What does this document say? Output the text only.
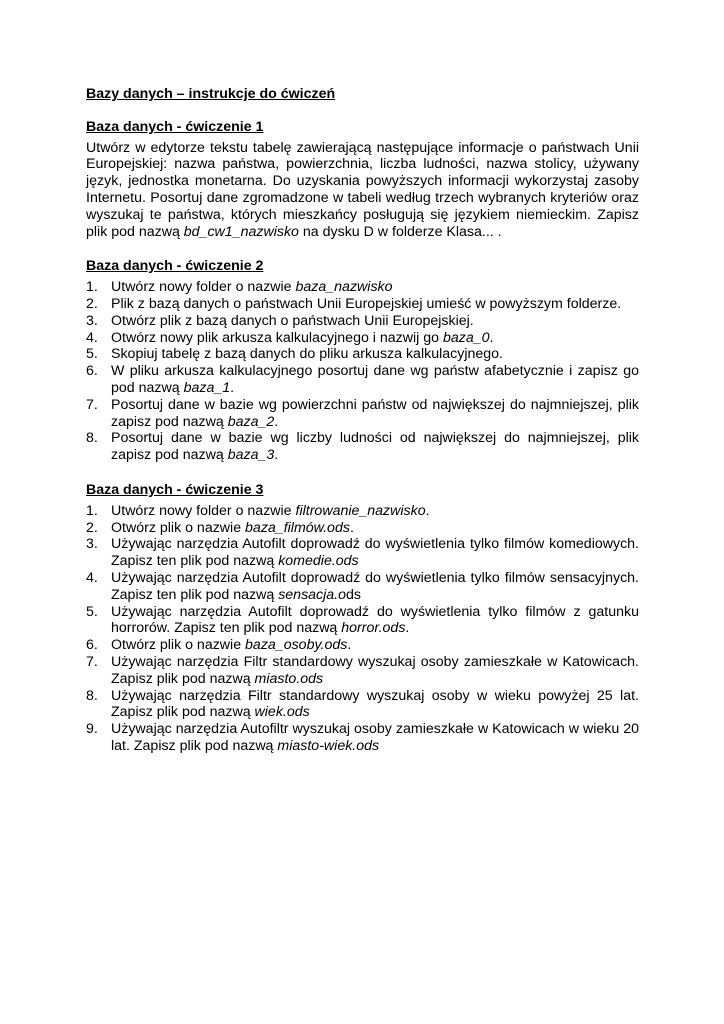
Bazy danych – instrukcje do ćwiczeń
Baza danych - ćwiczenie 1

Utwórz w edytorze tekstu tabelę zawierającą następujące informacje o państwach Unii Europejskiej: nazwa państwa, powierzchnia, liczba ludności, nazwa stolicy, używany język, jednostka monetarna. Do uzyskania powyższych informacji wykorzystaj zasoby Internetu. Posortuj dane zgromadzone w tabeli według trzech wybranych kryteriów oraz wyszukaj te państwa, których mieszkańcy posługują się językiem niemieckim. Zapisz plik pod nazwą bd_cw1_nazwisko na dysku D w folderze Klasa... .

Baza danych - ćwiczenie 2
1. Utwórz nowy folder o nazwie baza_nazwisko
2. Plik z bazą danych o państwach Unii Europejskiej umieść w powyższym folderze.
3. Otwórz plik z bazą danych o państwach Unii Europejskiej.
4. Otwórz nowy plik arkusza kalkulacyjnego i nazwij go baza_0.
5. Skopiuj tabelę z bazą danych do pliku arkusza kalkulacyjnego.
6. W pliku arkusza kalkulacyjnego posortuj dane wg państw afabetycznie i zapisz go pod nazwą baza_1.
7. Posortuj dane w bazie wg powierzchni państw od największej do najmniejszej, plik zapisz pod nazwą baza_2.
8. Posortuj dane w bazie wg liczby ludności od największej do najmniejszej, plik zapisz pod nazwą baza_3.
Baza danych - ćwiczenie 3
1. Utwórz nowy folder o nazwie filtrowanie_nazwisko.
2. Otwórz plik o nazwie baza_filmów.ods.
3. Używając narzędzia Autofilt doprowadź do wyświetlenia tylko filmów komediowych. Zapisz ten plik pod nazwą komedie.ods
4. Używając narzędzia Autofilt doprowadź do wyświetlenia tylko filmów sensacyjnych. Zapisz ten plik pod nazwą sensacja.ods
5. Używając narzędzia Autofilt doprowadź do wyświetlenia tylko filmów z gatunku horrorów. Zapisz ten plik pod nazwą horror.ods.
6. Otwórz plik o nazwie baza_osoby.ods.
7. Używając narzędzia Filtr standardowy wyszukaj osoby zamieszkałe w Katowicach. Zapisz plik pod nazwą miasto.ods
8. Używając narzędzia Filtr standardowy wyszukaj osoby w wieku powyżej 25 lat. Zapisz plik pod nazwą wiek.ods
9. Używając narzędzia Autofiltr wyszukaj osoby zamieszkałe w Katowicach w wieku 20 lat. Zapisz plik pod nazwą miasto-wiek.ods
